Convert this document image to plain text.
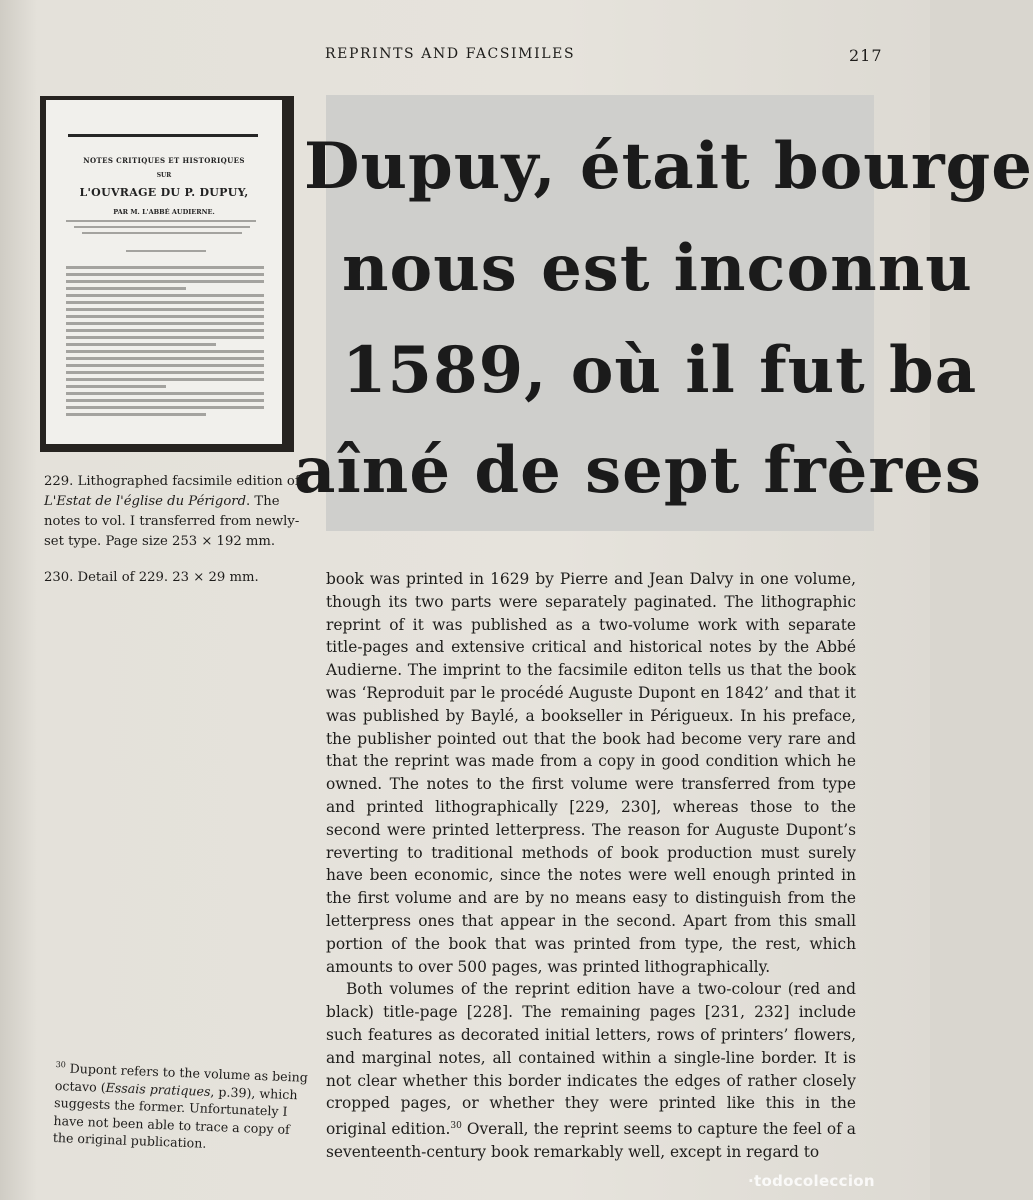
REPRINTS AND FACSIMILES	217
NOTES CRITIQUES ET HISTORIQUES
SUR
L'OUVRAGE DU P. DUPUY,
PAR M. L'ABBÉ AUDIERNE.
Dupuy, était bourge
nous est inconnu
1589, où il fut ba
aîné de sept frères
229. Lithographed facsimile edition of L'Estat de l'église du Périgord. The notes to vol. I transferred from newly-set type. Page size 253 × 192 mm.
230. Detail of 229. 23 × 29 mm.	book was printed in 1629 by Pierre and Jean Dalvy in one volume, though its two parts were separately paginated. The lithographic reprint of it was published as a two-volume work with separate title-pages and extensive critical and historical notes by the Abbé Audierne. The imprint to the facsimile editon tells us that the book was ‘Reproduit par le procédé Auguste Dupont en 1842’ and that it was published by Baylé, a bookseller in Périgueux. In his preface, the publisher pointed out that the book had become very rare and that the reprint was made from a copy in good condition which he owned. The notes to the first volume were transferred from type and printed lithographically [229, 230], whereas those to the second were printed letterpress. The reason for Auguste Dupont’s reverting to traditional methods of book production must surely have been economic, since the notes were well enough printed in the first volume and are by no means easy to distinguish from the letterpress ones that appear in the second. Apart from this small portion of the book that was printed from type, the rest, which amounts to over 500 pages, was printed lithographically.

Both volumes of the reprint edition have a two-colour (red and black) title-page [228]. The remaining pages [231, 232] include such features as decorated initial letters, rows of printers’ flowers, and marginal notes, all contained within a single-line border. It is not clear whether this border indicates the edges of rather closely cropped pages, or whether they were printed like this in the original edition.$^{30}$ Overall, the reprint seems to capture the feel of a seventeenth-century book remarkably well, except in regard to

$^{30}$ Dupont refers to the volume as being octavo (Essais pratiques, p.39), which suggests the former. Unfortunately I have not been able to trace a copy of the original publication.
·todocoleccion
